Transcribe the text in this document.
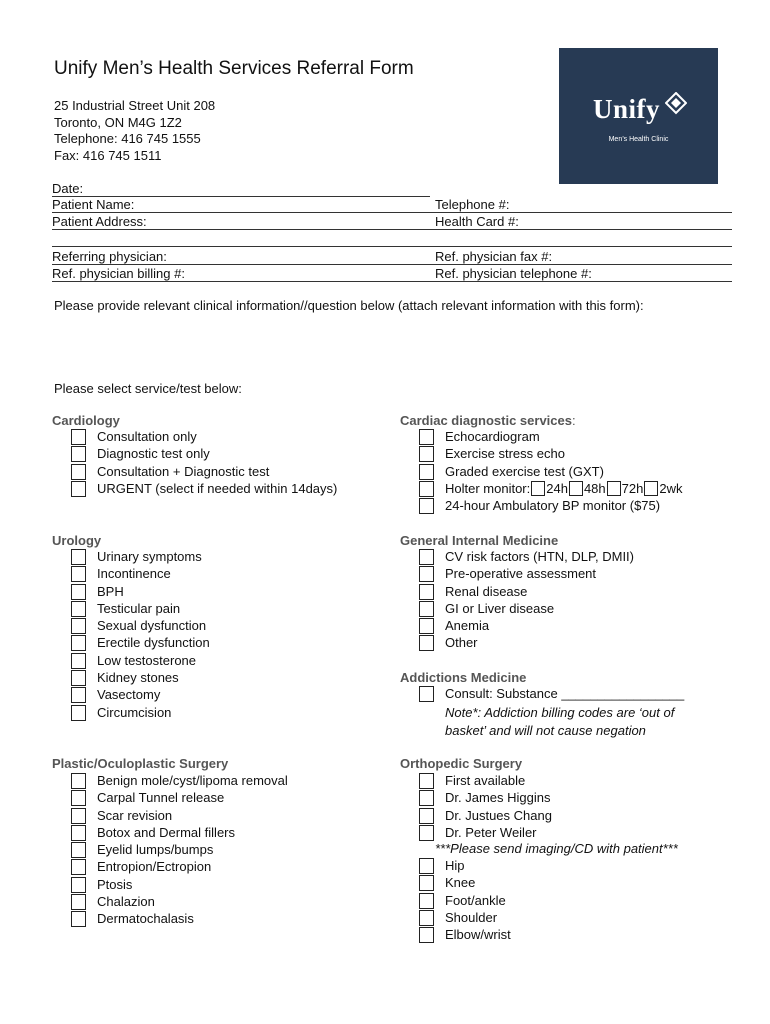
Unify Men’s Health Services Referral Form
25 Industrial Street Unit 208
Toronto, ON M4G 1Z2
Telephone: 416 745 1555
Fax: 416 745 1511
Unify
Men’s Health Clinic
Date:
Patient Name:	Telephone #:
Patient Address:	Health Card #:
Referring physician:	Ref. physician fax #:
Ref. physician billing #:	Ref. physician telephone #:
Please provide relevant clinical information//question below (attach relevant information with this form):
Please select service/test below:
Cardiology
Consultation only
Diagnostic test only
Consultation + Diagnostic test
URGENT (select if needed within 14days)
Cardiac diagnostic services:
Echocardiogram
Exercise stress echo
Graded exercise test (GXT)
Holter monitor: 24h 48h 72h 2wk
24-hour Ambulatory BP monitor ($75)
Urology
Urinary symptoms
Incontinence
BPH
Testicular pain
Sexual dysfunction
Erectile dysfunction
Low testosterone
Kidney stones
Vasectomy
Circumcision
General Internal Medicine
CV risk factors (HTN, DLP, DMII)
Pre-operative assessment
Renal disease
GI or Liver disease
Anemia
Other
Addictions Medicine
Consult: Substance _________________
Note*: Addiction billing codes are ‘out of
basket’ and will not cause negation
Plastic/Oculoplastic Surgery
Benign mole/cyst/lipoma removal
Carpal Tunnel release
Scar revision
Botox and Dermal fillers
Eyelid lumps/bumps
Entropion/Ectropion
Ptosis
Chalazion
Dermatochalasis
Orthopedic Surgery
First available
Dr. James Higgins
Dr. Justues Chang
Dr. Peter Weiler
***Please send imaging/CD with patient***
Hip
Knee
Foot/ankle
Shoulder
Elbow/wrist
